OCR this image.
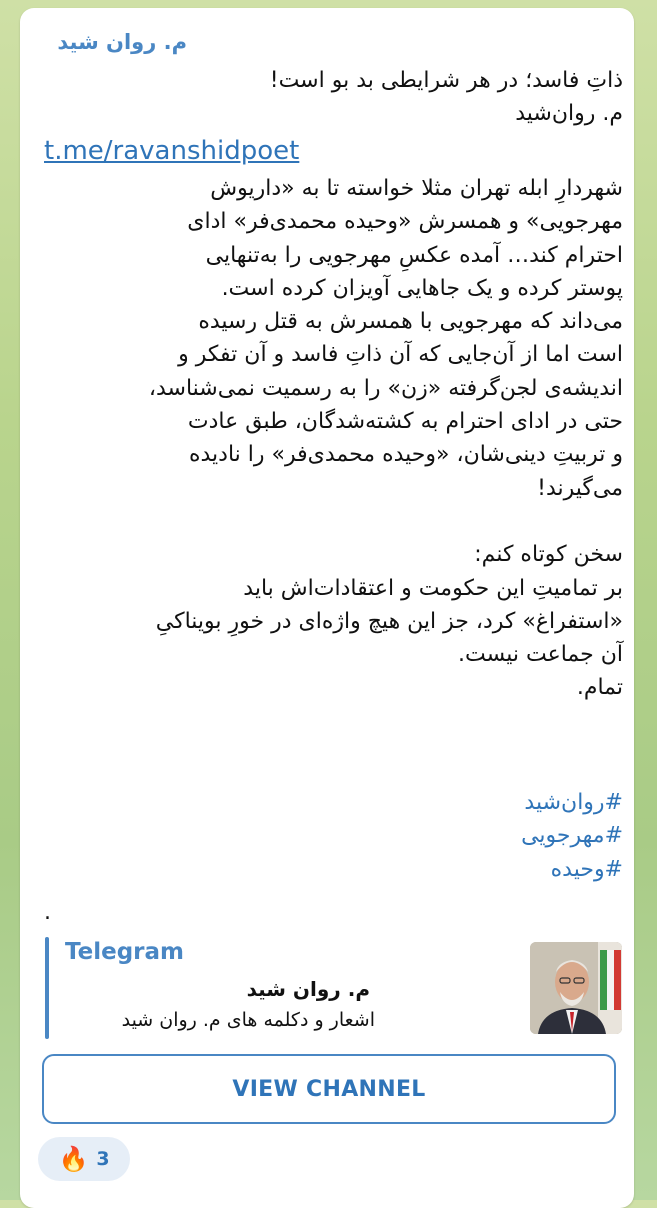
م. روان شید
ذاتِ فاسد؛ در هر شرایطی بد بو است!
م. روان‌شید
t.me/ravanshidpoet
شهردارِ ابله تهران مثلا خواسته تا به «داریوش
مهرجویی» و همسرش «وحیده محمدی‌فر» ادای
احترام کند… آمده عکسِ مهرجویی را به‌تنهایی
پوستر کرده و یک جاهایی آویزان کرده است.
می‌داند که مهرجویی با همسرش به قتل رسیده
است اما از آن‌جایی که آن ذاتِ فاسد و آن تفکر و
اندیشه‌ی لجن‌گرفته «زن» را به رسمیت نمی‌شناسد،
حتی در ادای احترام به کشته‌شدگان، طبق عادت
و تربیتِ دینی‌شان، «وحیده محمدی‌فر» را نادیده
می‌گیرند!
سخن کوتاه کنم:
بر تمامیتِ این حکومت و اعتقادات‌اش باید
«استفراغ» کرد، جز این هیچ واژه‌ای در خورِ بویناکیِ
آن جماعت نیست.
تمام.
#روان‌شید
#مهرجویی
#وحیده
.
Telegram
م. روان شید
اشعار و دکلمه های م. روان شید
VIEW CHANNEL
🔥 3
